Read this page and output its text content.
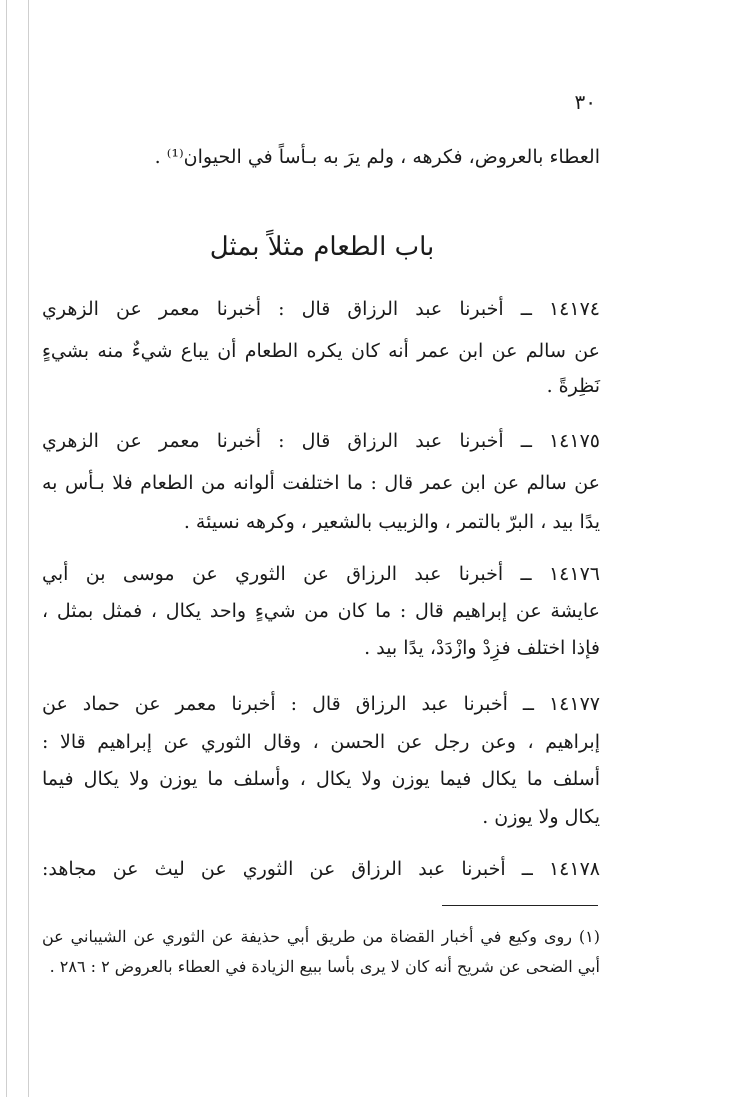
٣٠
العطاء بالعروض، فكرهه ، ولم يرَ به بـأساً في الحيوان⁽¹⁾ .
باب الطعام مثلاً بمثل
١٤١٧٤ ــ أخبرنا عبد الرزاق قال : أخبرنا معمر عن الزهري
عن سالم عن ابن عمر أنه كان يكره الطعام أن يباع شيءٌ منه بشيءٍ
نَظِرةً .
١٤١٧٥ ــ أخبرنا عبد الرزاق قال : أخبرنا معمر عن الزهري
عن سالم عن ابن عمر قال : ما اختلفت ألوانه من الطعام فلا بـأس به
يدًا بيد ، البرّ بالتمر ، والزبيب بالشعير ، وكرهه نسيئة .
١٤١٧٦ ــ أخبرنا عبد الرزاق عن الثوري عن موسى بن أبي
عايشة عن إبراهيم قال : ما كان من شيءٍ واحد يكال ، فمثل بمثل ،
فإذا اختلف فزِدْ وازْدَدْ، يدًا بيد .
١٤١٧٧ ــ أخبرنا عبد الرزاق قال : أخبرنا معمر عن حماد عن
إبراهيم ، وعن رجل عن الحسن ، وقال الثوري عن إبراهيم قالا :
أسلف ما يكال فيما يوزن ولا يكال ، وأسلف ما يوزن ولا يكال فيما
يكال ولا يوزن .
١٤١٧٨ ــ أخبرنا عبد الرزاق عن الثوري عن ليث عن مجاهد:
(١) روى وكيع في أخبار القضاة من طريق أبي حذيفة عن الثوري عن الشيباني عن
أبي الضحى عن شريح أنه كان لا يرى بأسا ببيع الزيادة في العطاء بالعروض ٢ : ٢٨٦ .
